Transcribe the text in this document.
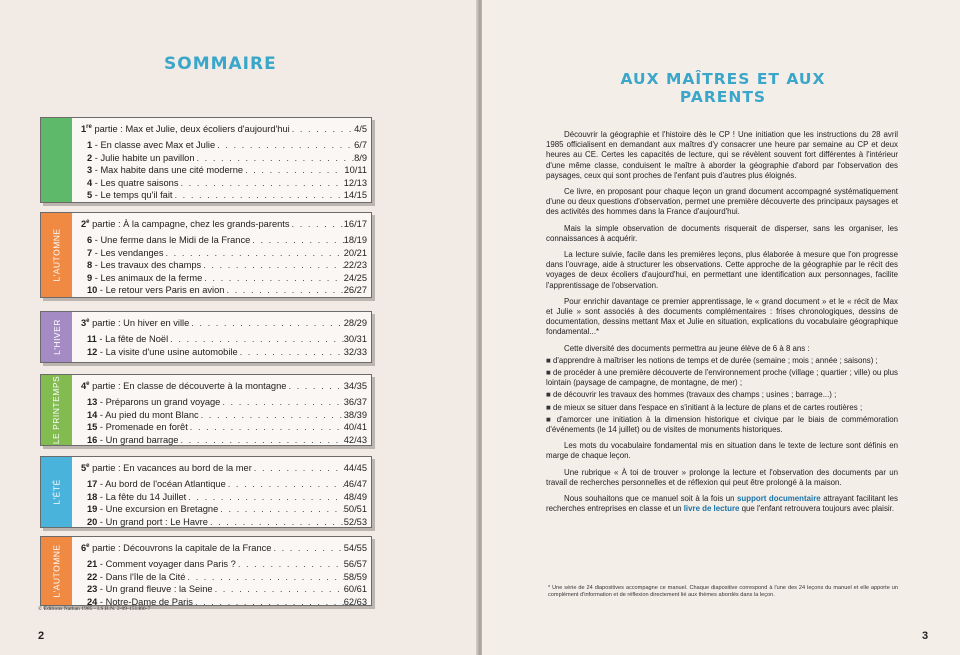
SOMMAIRE
1re partie : Max et Julie, deux écoliers d'aujourd'hui . . .	4/5
1 - En classe avec Max et Julie . . .	6/7
2 - Julie habite un pavillon . . .	8/9
3 - Max habite dans une cité moderne . . .	10/11
4 - Les quatre saisons . . .	12/13
5 - Le temps qu'il fait . . .	14/15
L'AUTOMNE
2e partie : À la campagne, chez les grands-parents . . .	16/17
6 - Une ferme dans le Midi de la France . . .	18/19
7 - Les vendanges . . .	20/21
8 - Les travaux des champs . . .	22/23
9 - Les animaux de la ferme . . .	24/25
10 - Le retour vers Paris en avion . . .	26/27
L'HIVER 3e partie : Un hiver en ville . . .	28/29
11 - La fête de Noël . . .	30/31
12 - La visite d'une usine automobile . . .	32/33
LE PRINTEMPS 4e partie : En classe de découverte à la montagne . . .	34/35
13 - Préparons un grand voyage . . .	36/37
14 - Au pied du mont Blanc . . .	38/39
15 - Promenade en forêt . . .	40/41
16 - Un grand barrage . . .	42/43
L'ÉTÉ
5e partie : En vacances au bord de la mer . . .	44/45
17 - Au bord de l'océan Atlantique . . .	46/47
18 - La fête du 14 Juillet . . .	48/49
19 - Une excursion en Bretagne . . .	50/51
20 - Un grand port : Le Havre . . .	52/53
L'AUTOMNE 6e partie : Découvrons la capitale de la France . . .	54/55
21 - Comment voyager dans Paris ? . . .	56/57
22 - Dans l'île de la Cité . . .	58/59
23 - Un grand fleuve : la Seine . . .	60/61
24 - Notre-Dame de Paris . . .	62/63
© Éditions Nathan 1985 - I.S.B.N. 2-09-151466-7
2
AUX MAÎTRES ET AUX PARENTS

Découvrir la géographie et l'histoire dès le CP ! Une initiation que les instructions du 28 avril 1985 officialisent en demandant aux maîtres d'y consacrer une heure par semaine au CP et deux heures au CE. Certes les capacités de lecture, qui se révèlent souvent fort différentes à l'intérieur d'une même classe, conduisent le maître à aborder la géographie d'abord par l'observation des paysages, ceux qui sont proches de l'enfant puis d'autres plus éloignés.

Ce livre, en proposant pour chaque leçon un grand document accompagné systématiquement d'une ou deux questions d'observation, permet une première découverte des principaux paysages et des activités des hommes dans la France d'aujourd'hui.

Mais la simple observation de documents risquerait de disperser, sans les organiser, les connaissances à acquérir.

La lecture suivie, facile dans les premières leçons, plus élaborée à mesure que l'on progresse dans l'ouvrage, aide à structurer les observations. Cette approche de la géographie par le récit des voyages de deux écoliers d'aujourd'hui, en permettant une identification aux personnages, facilite l'apprentissage de l'observation.

Pour enrichir davantage ce premier apprentissage, le « grand document » et le « récit de Max et Julie » sont associés à des documents complémentaires : frises chronologiques, dessins de documentation, dessins mettant Max et Julie en situation, explications du vocabulaire géographique fondamental...*

Cette diversité des documents permettra au jeune élève de 6 à 8 ans :

■ d'apprendre à maîtriser les notions de temps et de durée (semaine ; mois ; année ; saisons) ;

■ de procéder à une première découverte de l'environnement proche (village ; quartier ; ville) ou plus lointain (paysage de campagne, de montagne, de mer) ;

■ de découvrir les travaux des hommes (travaux des champs ; usines ; barrage...) ;

■ de mieux se situer dans l'espace en s'initiant à la lecture de plans et de cartes routières ;

■ d'amorcer une initiation à la dimension historique et civique par le biais de commémoration d'événements (le 14 juillet) ou de visites de monuments historiques.

Les mots du vocabulaire fondamental mis en situation dans le texte de lecture sont définis en marge de chaque leçon.

Une rubrique « À toi de trouver » prolonge la lecture et l'observation des documents par un travail de recherches personnelles et de réflexion qui peut être prolongé à la maison.

Nous souhaitons que ce manuel soit à la fois un support documentaire attrayant facilitant les recherches entreprises en classe et un livre de lecture que l'enfant retrouvera toujours avec plaisir.

* Une série de 24 diapositives accompagne ce manuel. Chaque diapositive correspond à l'une des 24 leçons du manuel et elle apporte un complément d'information et de réflexion directement lié aux thèmes abordés dans la leçon.
3
